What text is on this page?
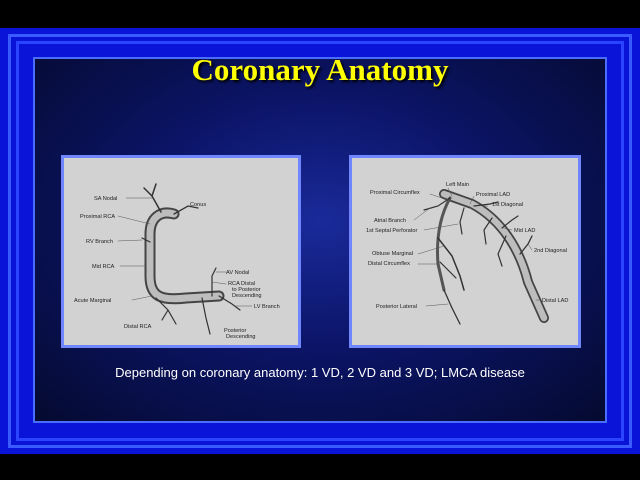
Coronary Anatomy
SA Nodal
Conus
Proximal RCA
RV Branch
Mid RCA
AV Nodal
RCA Distal
to Posterior
Descending
Acute Marginal
LV Branch
Distal RCA
Posterior
Descending
Left Main
Proximal Circumflex	Proximal LAD
1st Diagonal
Atrial Branch
1st Septal Perforator	Mid LAD
Obtuse Marginal
Distal Circumflex
2nd Diagonal
Posterior Lateral
Distal LAD
Depending on coronary anatomy: 1 VD, 2 VD and 3 VD; LMCA disease
